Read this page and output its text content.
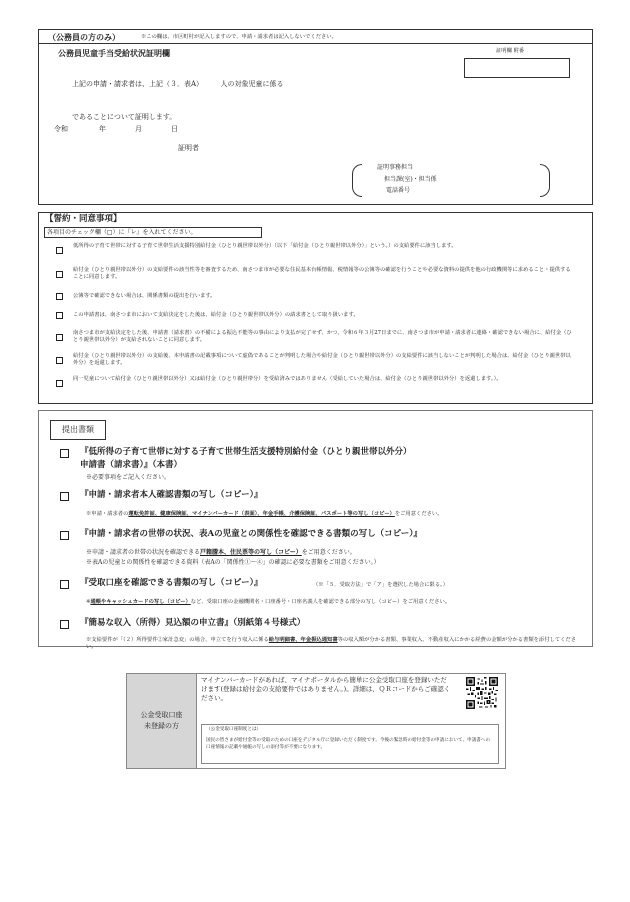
（公務員の方のみ）	※この欄は、市区町村が記入しますので、申請・請求者は記入しないでください。
公務員児童手当受給状況証明欄	証明欄 附番
上記の申請・請求者は、上記（３．表A）　　　人の対象児童に係る
であることについて証明します。
令和	年	月	日
証明者
証明事務担当
担当課(室)・担当係
電話番号
【誓約・同意事項】
各項目のチェック欄（□）に『レ』を入れてください。
低所得の子育て世帯に対する子育て世帯生活支援特別給付金（ひとり親世帯以外分）（以下「給付金（ひとり親世帯以外分）」という。）の支給要件に該当します。
給付金（ひとり親世帯以外分）の支給要件の該当性等を審査するため、南さつま市が必要な住民基本台帳情報、税情報等の公簿等の確認を行うことや必要な資料の提供を他の行政機関等に求めること・提供することに同意します。
公簿等で確認できない場合は、関係書類の提出を行います。
この申請書は、南さつま市において支給決定をした後は、給付金（ひとり親世帯以外分）の請求書として取り扱います。
南さつま市が支給決定をした後、申請書（請求書）の不備による振込不能等の事由により支払が完了せず、かつ、令和６年３月27日までに、南さつま市が申請・請求者に連絡・確認できない場合に、給付金（ひとり親世帯以外分）が支給されないことに同意します。
給付金（ひとり親世帯以外分）の支給後、本申請書の記載事項について虚偽であることが判明した場合や給付金（ひとり親世帯以外分）の支給要件に該当しないことが判明した場合は、給付金（ひとり親世帯以外分）を返還します。
同一児童について給付金（ひとり親世帯以外分）又は給付金（ひとり親世帯分）を受給済みではありません（受給していた場合は、給付金（ひとり親世帯以外分）を返還します。）。
提出書類
『低所得の子育て世帯に対する子育て世帯生活支援特別給付金（ひとり親世帯以外分）
申請書（請求書）』（本書）
※必要事項をご記入ください。
『申請・請求者本人確認書類の写し（コピー）』
※申請・請求者の運転免許証、健康保険証、マイナンバーカード（表面）、年金手帳、介護保険証、パスポート等の写し（コピー）をご用意ください。
『申請・請求者の世帯の状況、表Aの児童との関係性を確認できる書類の写し（コピー）』
※申請・請求者の世帯の状況を確認できる戸籍謄本、住民票等の写し（コピー）をご用意ください。
※表Aの児童との関係性を確認できる資料（表Aの「関係性①〜④」の確認に必要な書類をご用意ください。）
『受取口座を確認できる書類の写し（コピー）』	（※「５．受取方法」で「ア」を選択した場合に限る。）
※通帳やキャッシュカードの写し（コピー）など、受取口座の金融機関名・口座番号・口座名義人を確認できる部分の写し（コピー）をご用意ください。
『簡易な収入（所得）見込額の申立書』（別紙第４号様式）
※支給要件が「（２）所得要件②家計急変」の場合、申立てを行う収入に係る給与明細書、年金振込通知書等の収入額が分かる書類、事業収入、不動産収入にかかる経費の金額が分かる書類を添付してください。
公金受取口座
未登録の方
マイナンバーカードがあれば、マイナポータルから簡単に公金受取口座を登録いただけます(登録は給付金の支給要件ではありません。)。詳細は、ＱＲコードからご確認ください。
（公金受取口座制度とは）
国民の皆さまが給付金等の受取のための口座をデジタル庁に登録いただく制度です。今後の緊急時の給付金等の申請において、申請書への口座情報の記載や通帳の写しの添付等が不要になります。
